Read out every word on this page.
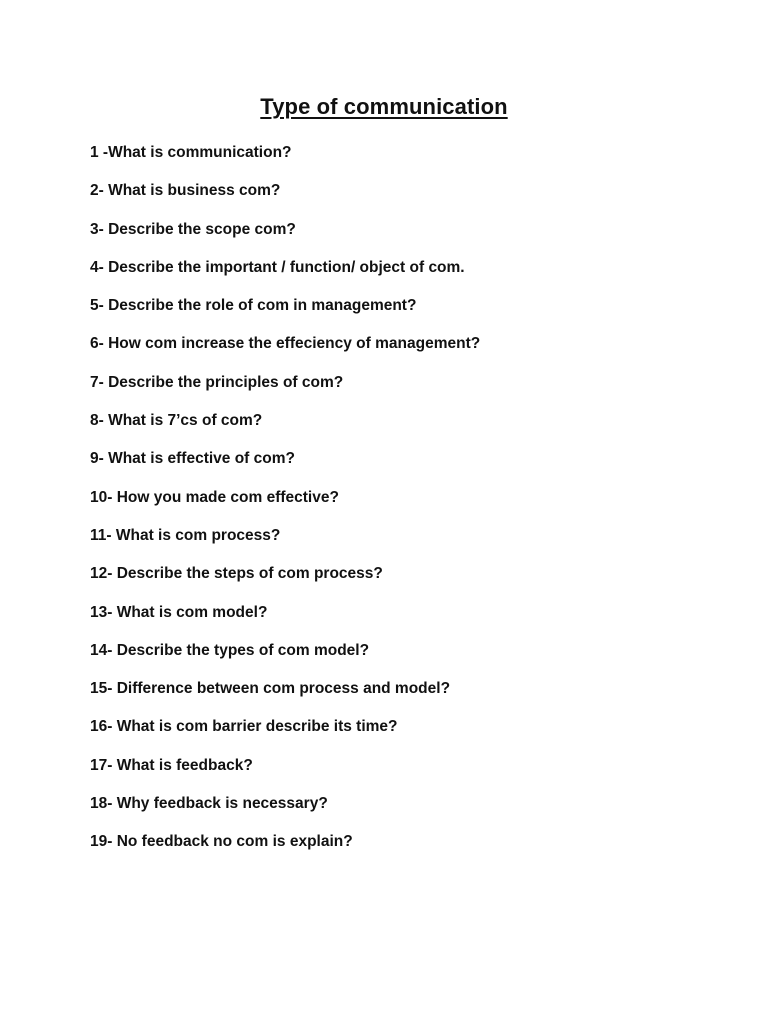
Type of communication
1 -What is communication?
2- What is business com?
3- Describe the scope com?
4- Describe the important / function/ object of com.
5- Describe the role of com in management?
6- How com increase the effeciency of management?
7- Describe the principles of com?
8- What is 7’cs of com?
9- What is effective of com?
10- How you made com effective?
11- What is com process?
12- Describe the steps of com process?
13- What is com model?
14- Describe the types of com model?
15- Difference between com process and model?
16- What is com barrier describe its time?
17- What is feedback?
18- Why feedback is necessary?
19- No feedback no com is explain?
